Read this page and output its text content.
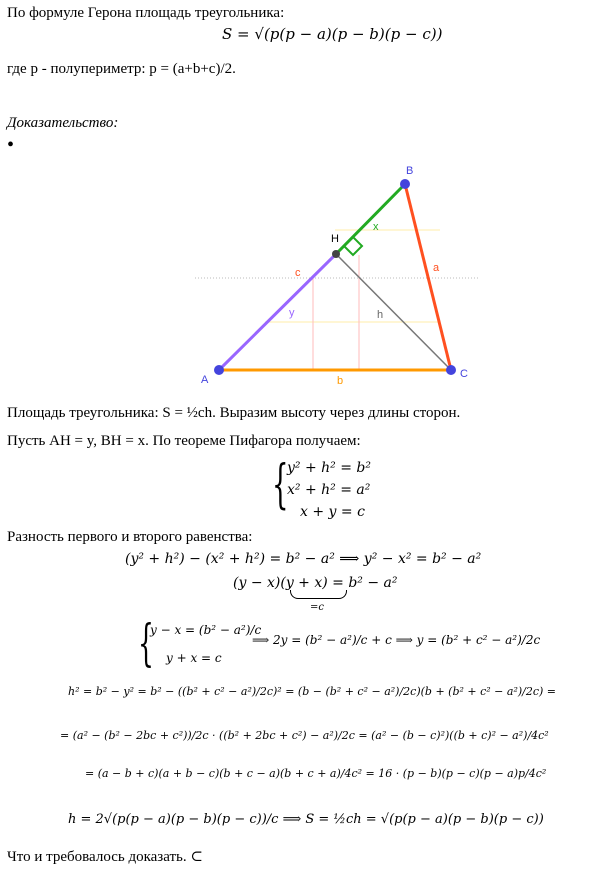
По формуле Герона площадь треугольника:
S = √(p(p − a)(p − b)(p − c))
где p - полупериметр: p = (a+b+c)/2.
Доказательство:
•
A
B
C
H
a
b
c
h
x
y
Площадь треугольника: S = ½ch. Выразим высоту через длины сторон.
Пусть AH = y, BH = x. По теореме Пифагора получаем:
{
y² + h² = b²
x² + h² = a²
x + y = c
Разность первого и второго равенства:
(y² + h²) − (x² + h²) = b² − a² ⟹ y² − x² = b² − a²
(y − x)(y + x) = b² − a²
=c
{
y − x = (b² − a²)/c
y + x = c
⟹ 2y = (b² − a²)/c + c ⟹ y = (b² + c² − a²)/2c
h² = b² − y² = b² − ((b² + c² − a²)/2c)² = (b − (b² + c² − a²)/2c)(b + (b² + c² − a²)/2c) =
= (a² − (b² − 2bc + c²))/2c · ((b² + 2bc + c²) − a²)/2c = (a² − (b − c)²)((b + c)² − a²)/4c²
= (a − b + c)(a + b − c)(b + c − a)(b + c + a)/4c² = 16 · (p − b)(p − c)(p − a)p/4c²
h = 2√(p(p − a)(p − b)(p − c))/c ⟹ S = ½ch = √(p(p − a)(p − b)(p − c))
Что и требовалось доказать. ⊂
